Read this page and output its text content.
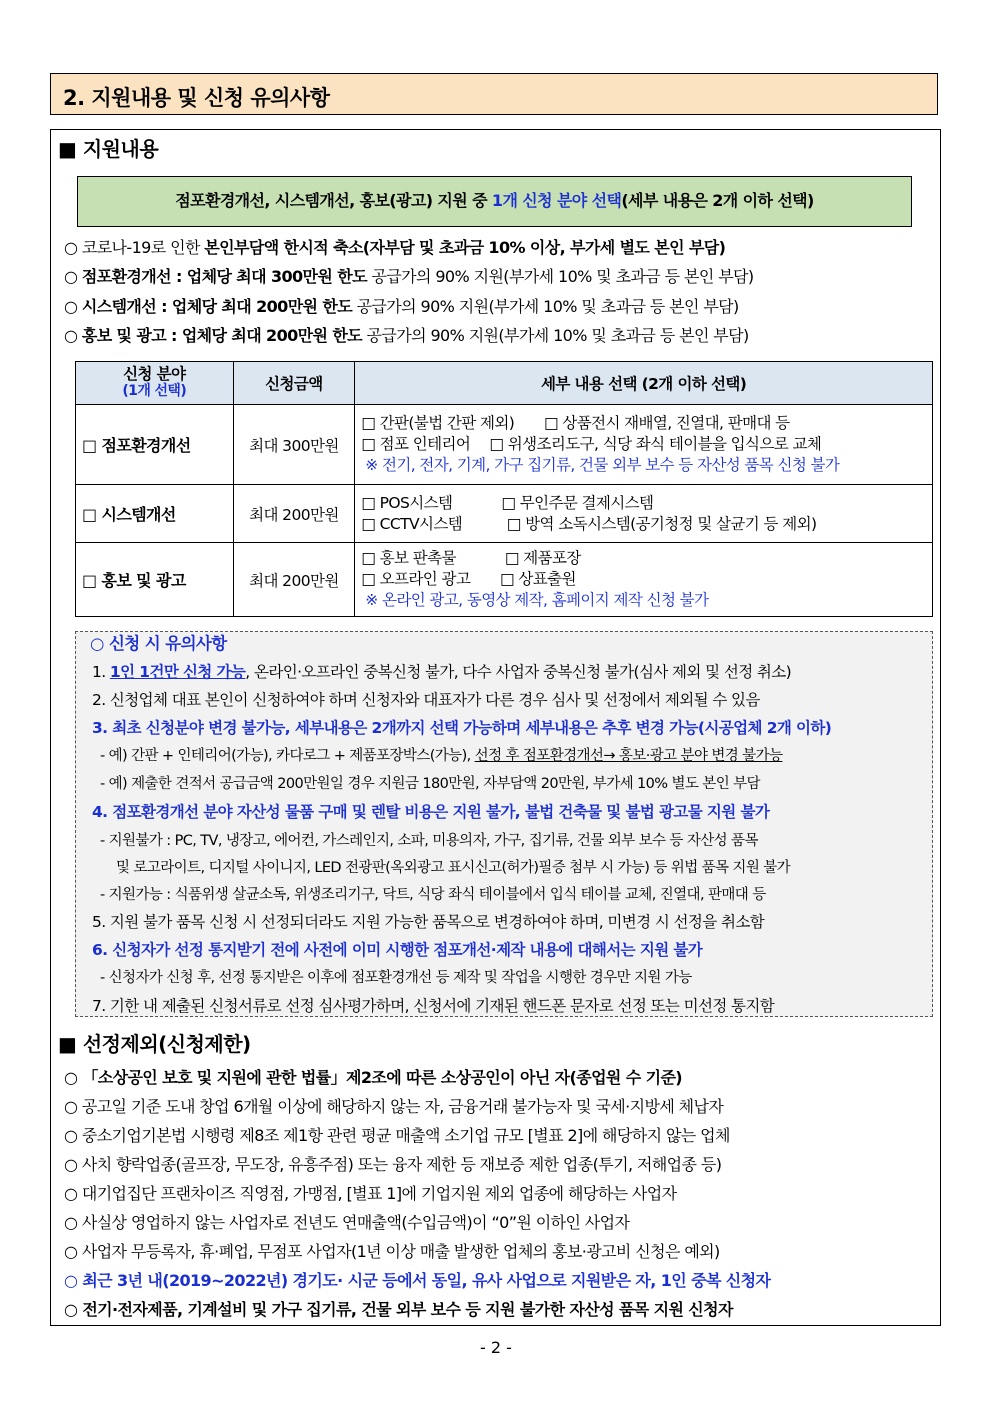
2. 지원내용 및 신청 유의사항
■ 지원내용
점포환경개선, 시스템개선, 홍보(광고) 지원 중 1개 신청 분야 선택(세부 내용은 2개 이하 선택)
○ 코로나-19로 인한 본인부담액 한시적 축소(자부담 및 초과금 10% 이상, 부가세 별도 본인 부담)
○ 점포환경개선 : 업체당 최대 300만원 한도 공급가의 90% 지원(부가세 10% 및 초과금 등 본인 부담)
○ 시스템개선 : 업체당 최대 200만원 한도 공급가의 90% 지원(부가세 10% 및 초과금 등 본인 부담)
○ 홍보 및 광고 : 업체당 최대 200만원 한도 공급가의 90% 지원(부가세 10% 및 초과금 등 본인 부담)
신청 분야
(1개 선택)	신청금액	세부 내용 선택 (2개 이하 선택)
□ 점포환경개선	최대 300만원	□ 간판(불법 간판 제외)　　□ 상품전시 재배열, 진열대, 판매대 등
□ 점포 인테리어　 □ 위생조리도구, 식당 좌식 테이블을 입식으로 교체
※ 전기, 전자, 기계, 가구 집기류, 건물 외부 보수 등 자산성 품목 신청 불가

□ 시스템개선	최대 200만원	□ POS시스템　　　 □ 무인주문 결제시스템
□ CCTV시스템　　　□ 방역 소독시스템(공기청정 및 살균기 등 제외)

□ 홍보 및 광고	최대 200만원	□ 홍보 판촉물　　　 □ 제품포장
□ 오프라인 광고　　□ 상표출원
※ 온라인 광고, 동영상 제작, 홈페이지 제작 신청 불가
○ 신청 시 유의사항
1. 1인 1건만 신청 가능, 온라인·오프라인 중복신청 불가, 다수 사업자 중복신청 불가(심사 제외 및 선정 취소)
2. 신청업체 대표 본인이 신청하여야 하며 신청자와 대표자가 다른 경우 심사 및 선정에서 제외될 수 있음
3. 최초 신청분야 변경 불가능, 세부내용은 2개까지 선택 가능하며 세부내용은 추후 변경 가능(시공업체 2개 이하)
- 예) 간판 + 인테리어(가능), 카다로그 + 제품포장박스(가능), 선정 후 점포환경개선→ 홍보·광고 분야 변경 불가능
- 예) 제출한 견적서 공급금액 200만원일 경우 지원금 180만원, 자부담액 20만원, 부가세 10% 별도 본인 부담
4. 점포환경개선 분야 자산성 물품 구매 및 렌탈 비용은 지원 불가, 불법 건축물 및 불법 광고물 지원 불가
- 지원불가 : PC, TV, 냉장고, 에어컨, 가스레인지, 소파, 미용의자, 가구, 집기류, 건물 외부 보수 등 자산성 품목
및 로고라이트, 디지털 사이니지, LED 전광판(옥외광고 표시신고(허가)필증 첨부 시 가능) 등 위법 품목 지원 불가
- 지원가능 : 식품위생 살균소독, 위생조리기구, 닥트, 식당 좌식 테이블에서 입식 테이블 교체, 진열대, 판매대 등
5. 지원 불가 품목 신청 시 선정되더라도 지원 가능한 품목으로 변경하여야 하며, 미변경 시 선정을 취소함
6. 신청자가 선정 통지받기 전에 사전에 이미 시행한 점포개선·제작 내용에 대해서는 지원 불가
- 신청자가 신청 후, 선정 통지받은 이후에 점포환경개선 등 제작 및 작업을 시행한 경우만 지원 가능
7. 기한 내 제출된 신청서류로 선정 심사평가하며, 신청서에 기재된 핸드폰 문자로 선정 또는 미선정 통지함
■ 선정제외(신청제한)
○ 「소상공인 보호 및 지원에 관한 법률」제2조에 따른 소상공인이 아닌 자(종업원 수 기준)
○ 공고일 기준 도내 창업 6개월 이상에 해당하지 않는 자, 금융거래 불가능자 및 국세·지방세 체납자
○ 중소기업기본법 시행령 제8조 제1항 관련 평균 매출액 소기업 규모 [별표 2]에 해당하지 않는 업체
○ 사치 향락업종(골프장, 무도장, 유흥주점) 또는 융자 제한 등 재보증 제한 업종(투기, 저해업종 등)
○ 대기업집단 프랜차이즈 직영점, 가맹점, [별표 1]에 기업지원 제외 업종에 해당하는 사업자
○ 사실상 영업하지 않는 사업자로 전년도 연매출액(수입금액)이 “0”원 이하인 사업자
○ 사업자 무등록자, 휴·폐업, 무점포 사업자(1년 이상 매출 발생한 업체의 홍보·광고비 신청은 예외)
○ 최근 3년 내(2019~2022년) 경기도· 시군 등에서 동일, 유사 사업으로 지원받은 자, 1인 중복 신청자
○ 전기·전자제품, 기계설비 및 가구 집기류, 건물 외부 보수 등 지원 불가한 자산성 품목 지원 신청자
- 2 -
